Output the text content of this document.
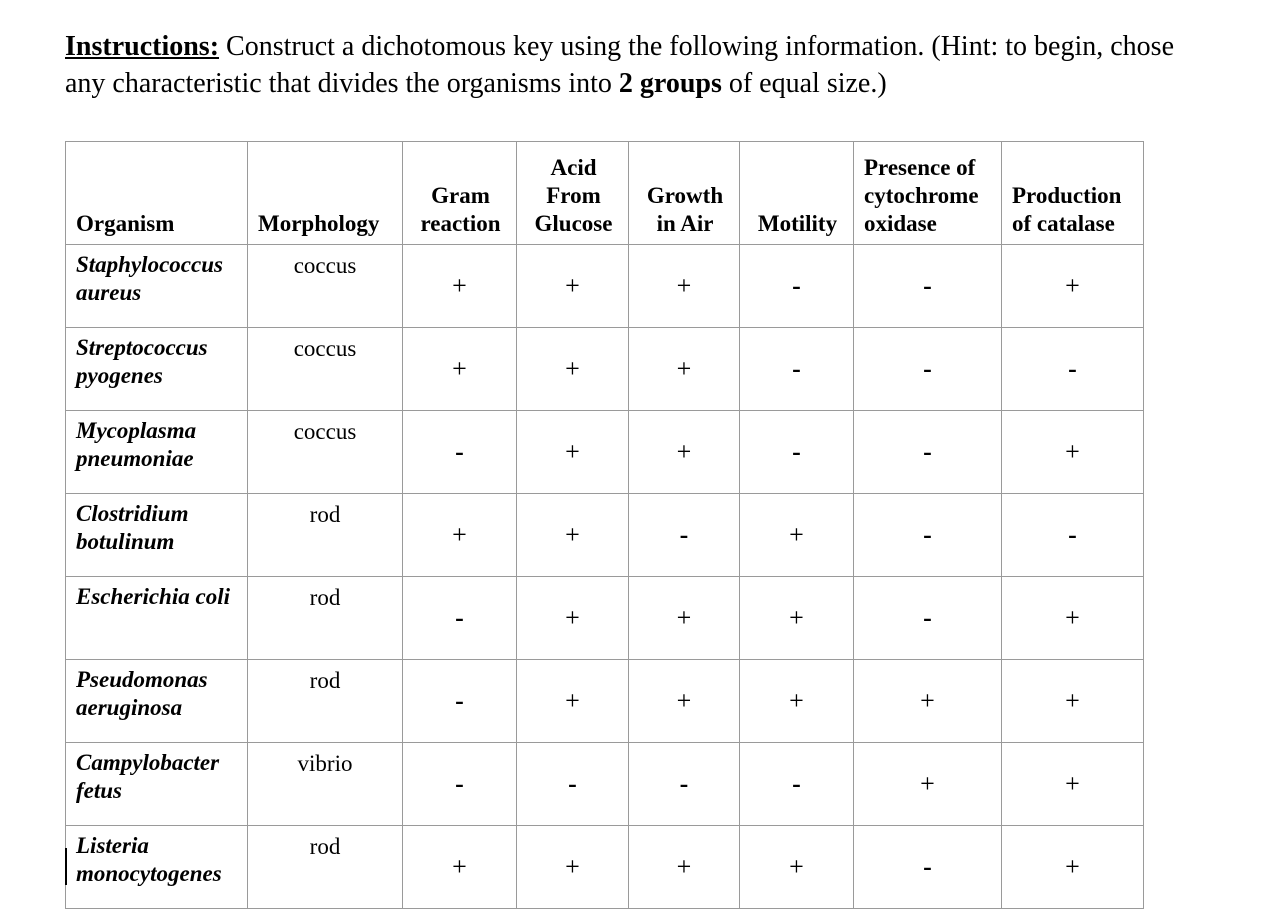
Instructions: Construct a dichotomous key using the following information. (Hint: to begin, chose any characteristic that divides the organisms into 2 groups of equal size.)
Organism	Morphology	Gram reaction	Acid From Glucose	Growth in Air	Motility	Presence of cytochrome oxidase	Production of catalase
Staphylococcus aureus	coccus	+	+	+	-	-	+
Streptococcus pyogenes	coccus	+	+	+	-	-	-
Mycoplasma pneumoniae	coccus	-	+	+	-	-	+
Clostridium botulinum	rod	+	+	-	+	-	-
Escherichia coli	rod	-	+	+	+	-	+
Pseudomonas aeruginosa	rod	-	+	+	+	+	+
Campylobacter fetus	vibrio	-	-	-	-	+	+
Listeria monocytogenes	rod	+	+	+	+	-	+
